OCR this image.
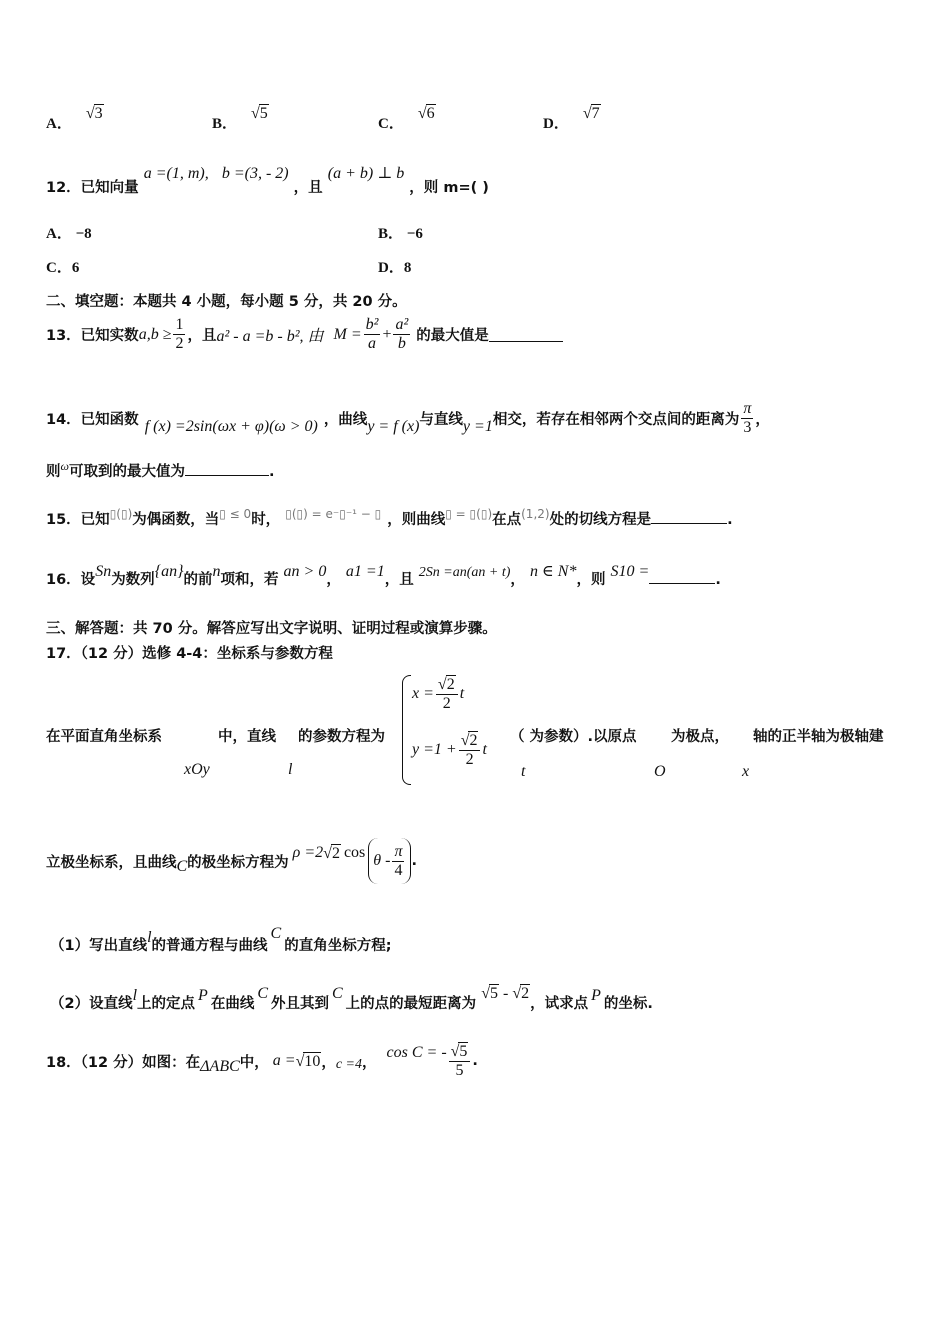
A．√3
B．√5
C．√6
D．√7
12．已知向量 a =(1, m), b =(3, - 2) ，且 (a + b) ⊥ b ，则 m=( )
A． −8	B． −6
C．6	D．8
二、填空题：本题共 4 小题，每小题 5 分，共 20 分。
13．已知实数 $a,b \ge \frac{1}{2}$ ，且 a² - a =b - b², 由 $M = \frac{\text{b²}}{a} + \frac{\text{a²}}{b}$ 的最大值是
14．已知函数 f (x) =2sin(ωx + φ)(ω > 0) ，曲线 y = f (x) 与直线 y =1 相交，若存在相邻两个交点间的距离为 $\frac{\pi}{3}$ ，
则$^\omega$可取到的最大值为	.
15．已知▯(▯)为偶函数，当$^{▯ \le 0}$时， $^{▯(▯) = e^-▯^{-1} - ▯}$ ，则曲线▯ = ▯(▯)在点$^{(1,2)}$处的切线方程是	.
16．设Sn为数列{an}的前n项和，若 an > 0， a1 =1，且 2Sn =an(an + t)， n ∈ N*，则 S10 =	.
三、解答题：共 70 分。解答应写出文字说明、证明过程或演算步骤。
17．（12 分）选修 4-4：坐标系与参数方程
在平面直角坐标系
xOy
中，直线
l
的参数方程为
$x = \frac{√2}{2}$ t
$y =1 + \frac{√2}{2}$ t
（ 为参数）.以原点
t
为极点，
O
轴的正半轴为极轴建
x
立极坐标系，且曲线 C 的极坐标方程为
ρ =2 √2 cos θ - $\frac{\pi}{4}$ .
（1）写出直线l的普通方程与曲线C的直角坐标方程;
（2）设直线l上的定点 P 在曲线C外且其到C上的点的最短距离为 √5 - √2，试求点 P 的坐标.
18．（12 分）如图：在 ΔABC 中， a = √10 ， c =4 ，
cos C = - $\frac{√5}{5}$ .
